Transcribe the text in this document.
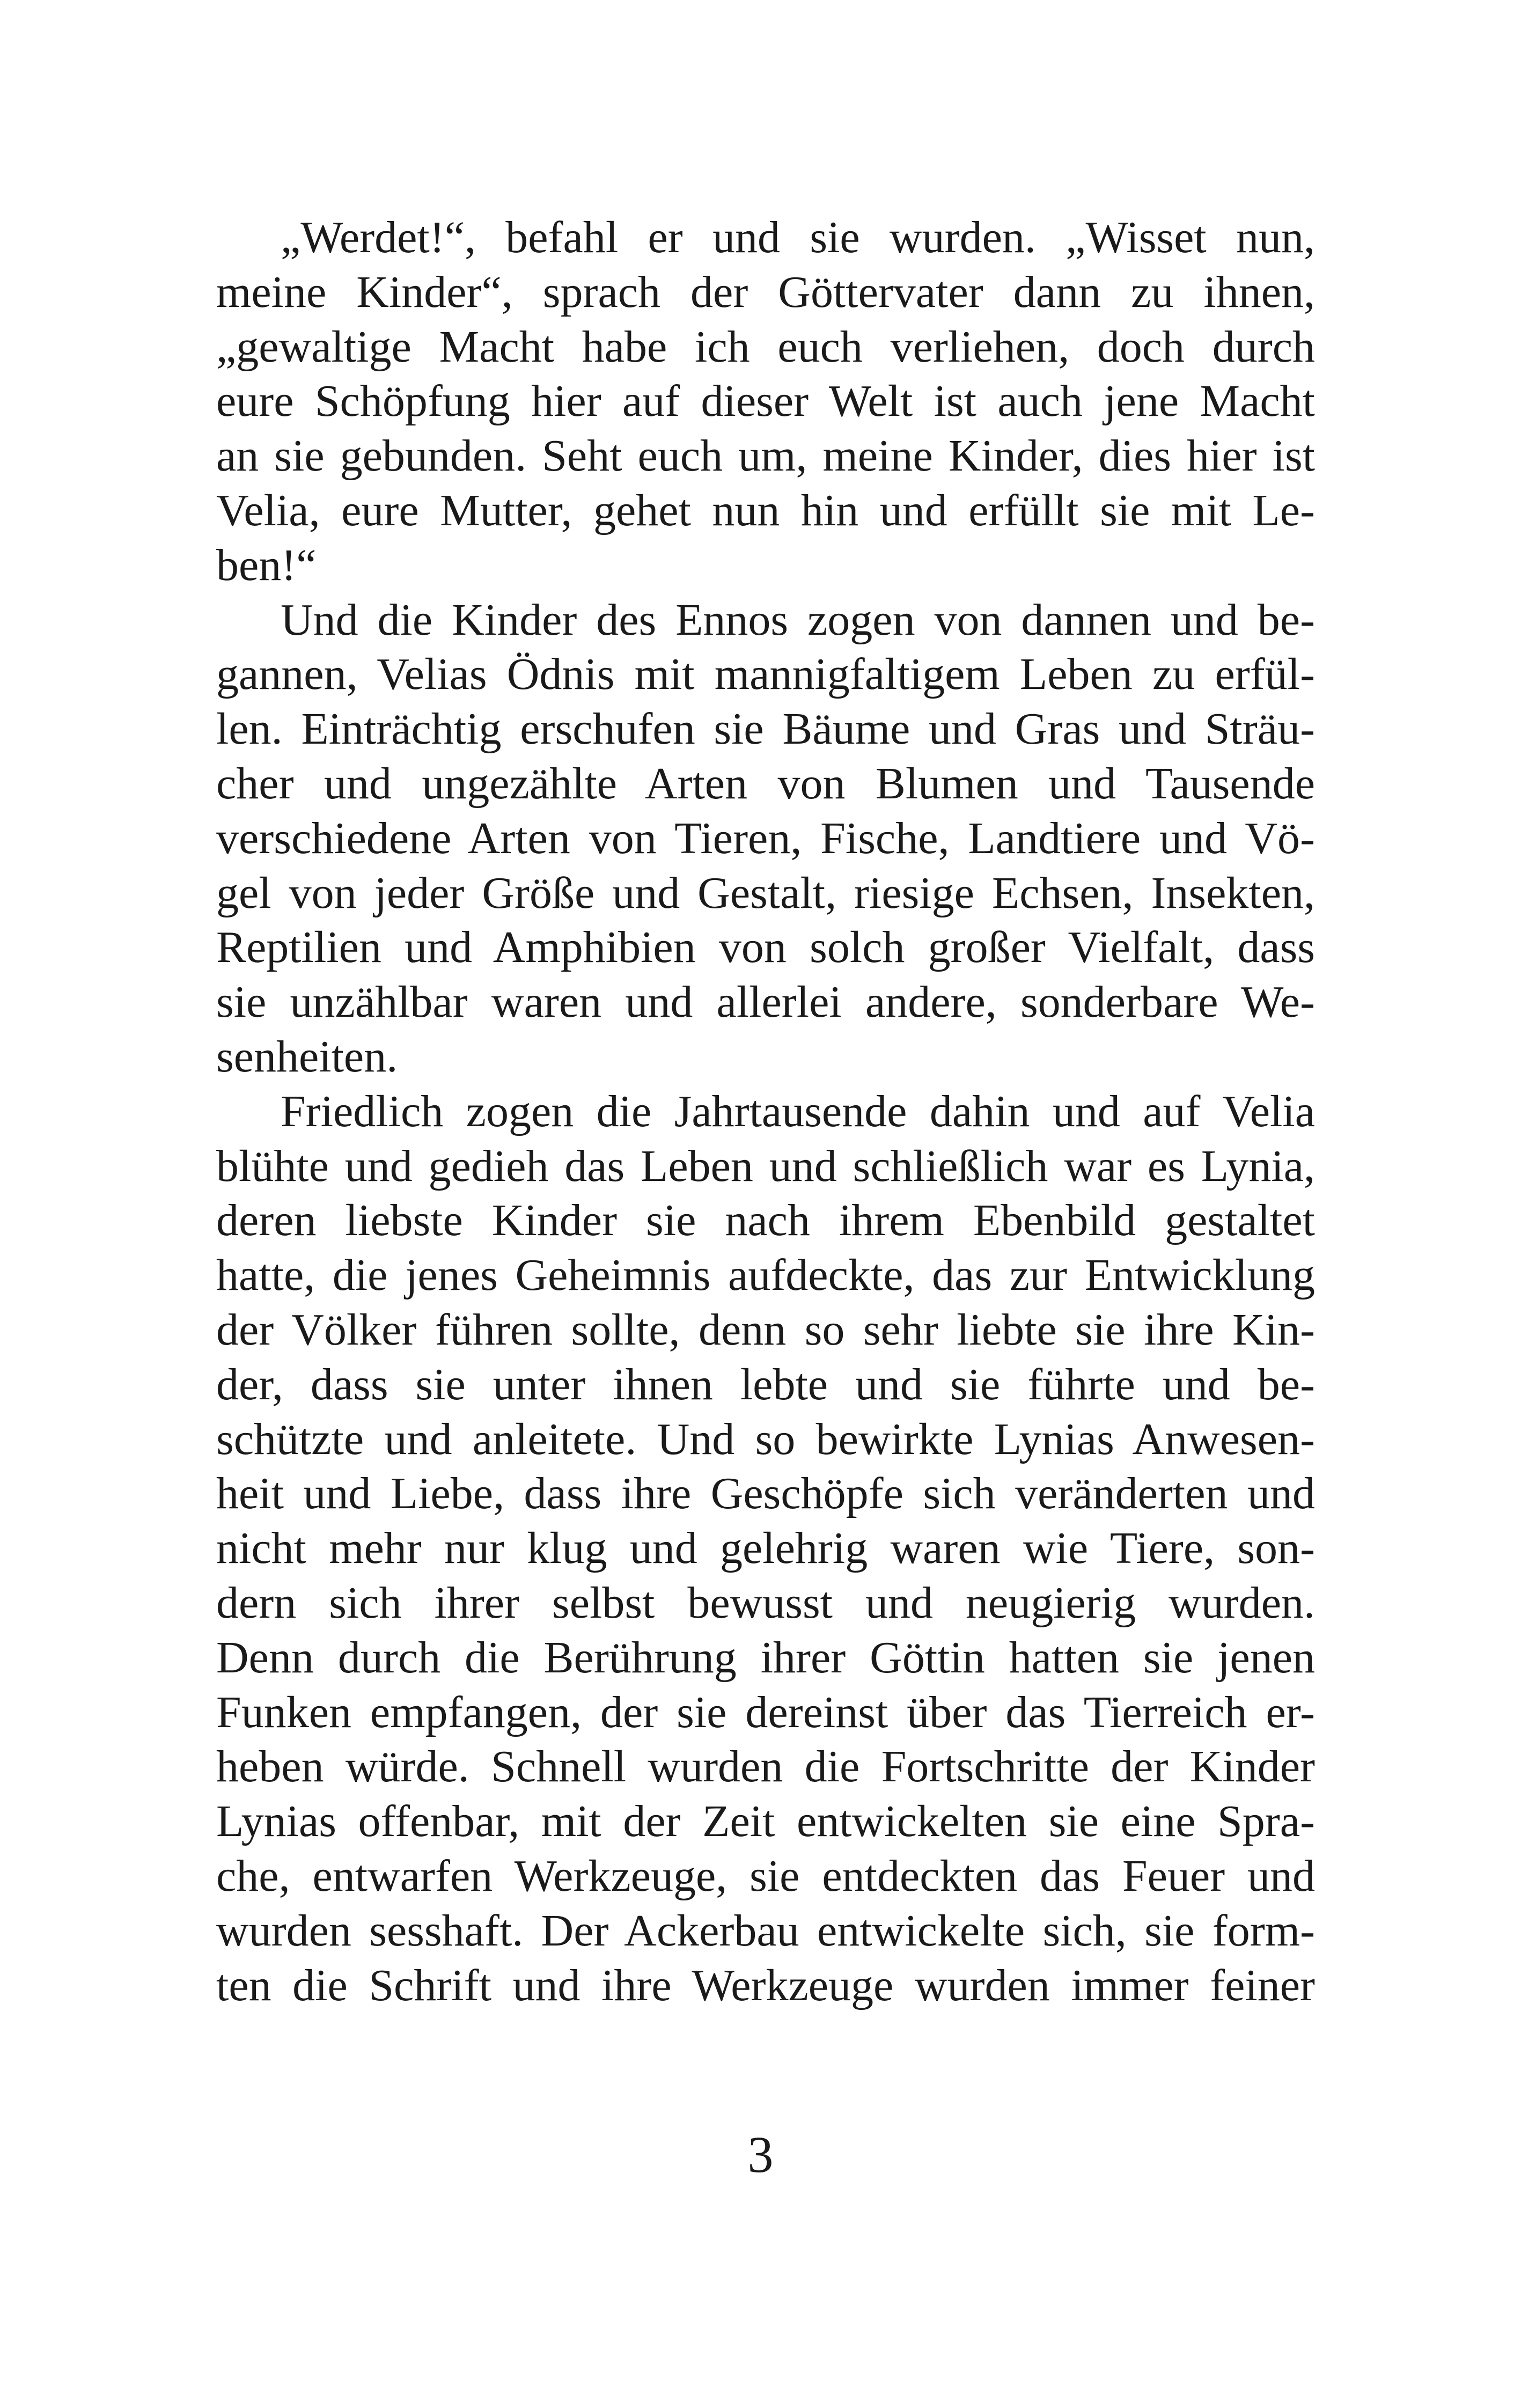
„Werdet!“, befahl er und sie wurden. „Wisset nun,
meine Kinder“, sprach der Göttervater dann zu ihnen,
„gewaltige Macht habe ich euch verliehen, doch durch
eure Schöpfung hier auf dieser Welt ist auch jene Macht
an sie gebunden. Seht euch um, meine Kinder, dies hier ist
Velia, eure Mutter, gehet nun hin und erfüllt sie mit Le-
ben!“
Und die Kinder des Ennos zogen von dannen und be-
gannen, Velias Ödnis mit mannigfaltigem Leben zu erfül-
len. Einträchtig erschufen sie Bäume und Gras und Sträu-
cher und ungezählte Arten von Blumen und Tausende
verschiedene Arten von Tieren, Fische, Landtiere und Vö-
gel von jeder Größe und Gestalt, riesige Echsen, Insekten,
Reptilien und Amphibien von solch großer Vielfalt, dass
sie unzählbar waren und allerlei andere, sonderbare We-
senheiten.
Friedlich zogen die Jahrtausende dahin und auf Velia
blühte und gedieh das Leben und schließlich war es Lynia,
deren liebste Kinder sie nach ihrem Ebenbild gestaltet
hatte, die jenes Geheimnis aufdeckte, das zur Entwicklung
der Völker führen sollte, denn so sehr liebte sie ihre Kin-
der, dass sie unter ihnen lebte und sie führte und be-
schützte und anleitete. Und so bewirkte Lynias Anwesen-
heit und Liebe, dass ihre Geschöpfe sich veränderten und
nicht mehr nur klug und gelehrig waren wie Tiere, son-
dern sich ihrer selbst bewusst und neugierig wurden.
Denn durch die Berührung ihrer Göttin hatten sie jenen
Funken empfangen, der sie dereinst über das Tierreich er-
heben würde. Schnell wurden die Fortschritte der Kinder
Lynias offenbar, mit der Zeit entwickelten sie eine Spra-
che, entwarfen Werkzeuge, sie entdeckten das Feuer und
wurden sesshaft. Der Ackerbau entwickelte sich, sie form-
ten die Schrift und ihre Werkzeuge wurden immer feiner
3
